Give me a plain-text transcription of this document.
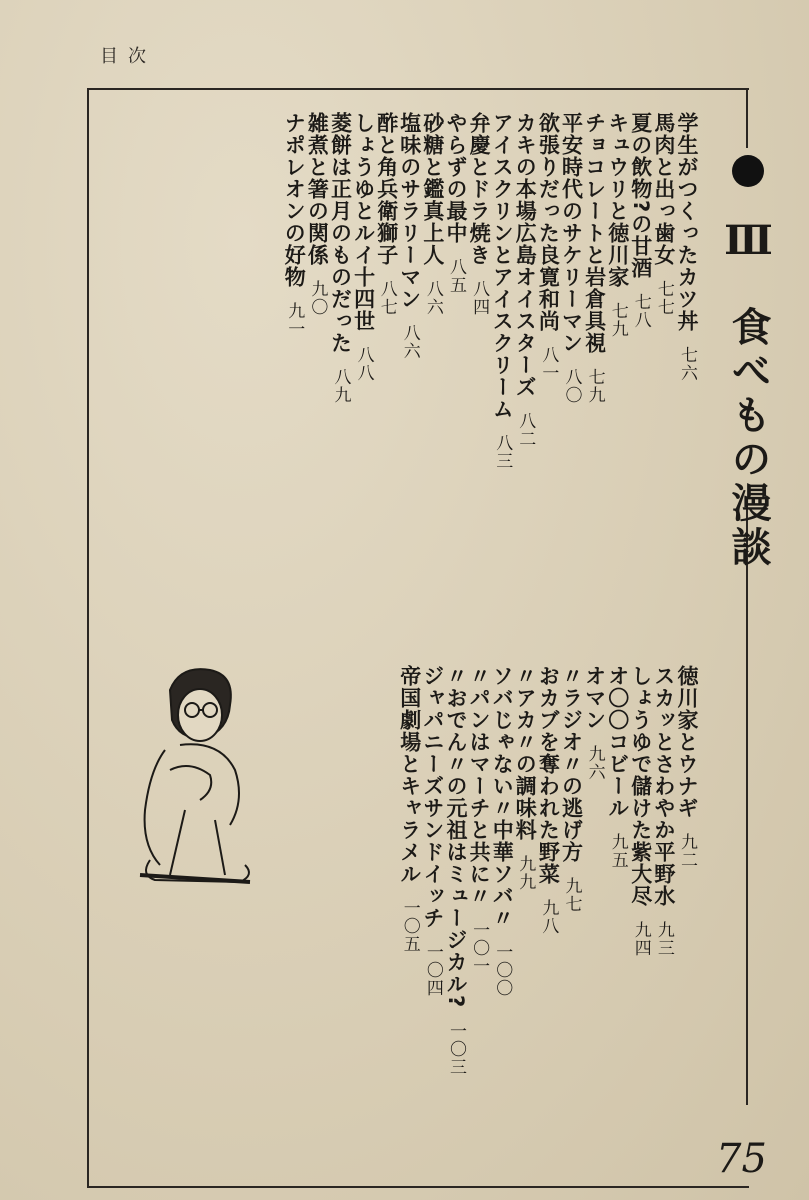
目次
Ⅲ 食べもの漫談
学生がつくったカツ丼七六
馬肉と出っ歯女七七
夏の飲物?の甘酒七八
キュウリと徳川家七九
チョコレートと岩倉具視七九
平安時代のサケリーマン八〇
欲張りだった良寛和尚八一
カキの本場広島オイスターズ八二
アイスクリンとアイスクリーム八三
弁慶とドラ焼き八四
やらずの最中八五
砂糖と鑑真上人八六
塩味のサラリーマン八六
酢と角兵衛獅子八七
しょうゆとルイ十四世八八
菱餅は正月のものだった八九
雑煮と箸の関係九〇
ナポレオンの好物九一
徳川家とウナギ九二
スカッとさわやか平野水九三
しょうゆで儲けた紫大尽九四
オ〇〇コビール九五
オマン九六
〃ラジオ〃の逃げ方九七
おカブを奪われた野菜九八
〃アカ〃の調味料九九
ソバじゃない〃中華ソバ〃一〇〇
〃パンはマーチと共に〃一〇一
〃おでん〃の元祖はミュージカル?一〇三
ジャパニーズサンドイッチ一〇四
帝国劇場とキャラメル一〇五
75
